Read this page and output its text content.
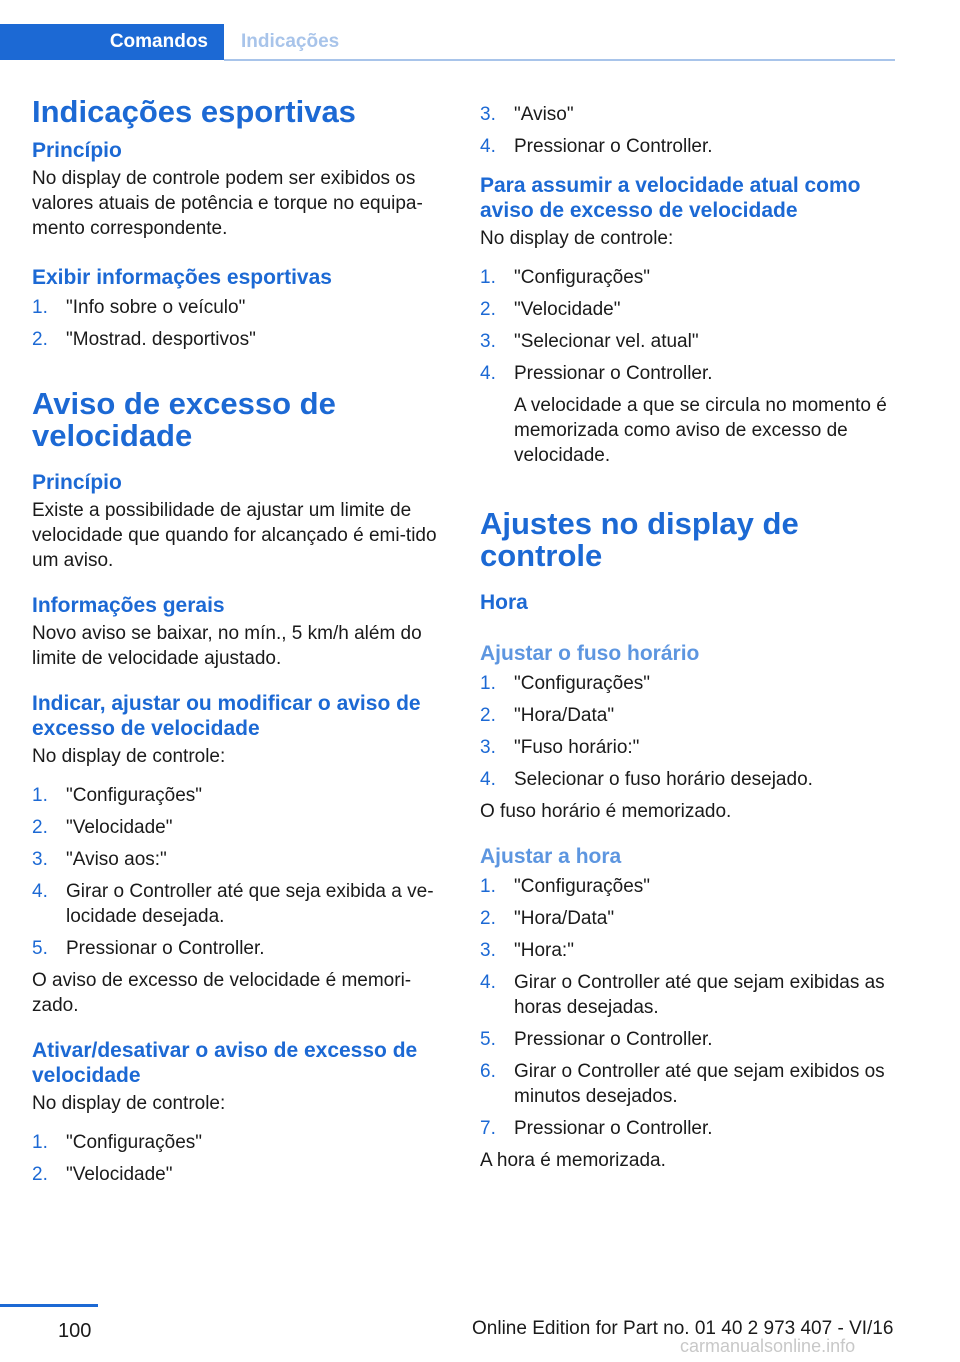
Comandos	Indicações
Indicações esportivas
Princípio

No display de controle podem ser exibidos os valores atuais de potência e torque no equipa-mento correspondente.

Exibir informações esportivas
1. "Info sobre o veículo"
2. "Mostrad. desportivos"
Aviso de excesso de velocidade
Princípio

Existe a possibilidade de ajustar um limite de velocidade que quando for alcançado é emi-tido um aviso.

Informações gerais

Novo aviso se baixar, no mín., 5 km/h além do limite de velocidade ajustado.

Indicar, ajustar ou modificar o aviso de excesso de velocidade

No display de controle:

1. "Configurações"
2. "Velocidade"
3. "Aviso aos:"
4. Girar o Controller até que seja exibida a ve-locidade desejada.
5. Pressionar o Controller.

O aviso de excesso de velocidade é memori-zado.

Ativar/desativar o aviso de excesso de velocidade

No display de controle:

1. "Configurações"
2. "Velocidade"
3. "Aviso"
4. Pressionar o Controller.
Para assumir a velocidade atual como aviso de excesso de velocidade

No display de controle:

1. "Configurações"
2. "Velocidade"
3. "Selecionar vel. atual"
4. Pressionar o Controller.
A velocidade a que se circula no momento é memorizada como aviso de excesso de velocidade.
Ajustes no display de controle
Hora
Ajustar o fuso horário
1. "Configurações"
2. "Hora/Data"
3. "Fuso horário:"
4. Selecionar o fuso horário desejado.

O fuso horário é memorizado.

Ajustar a hora
1. "Configurações"
2. "Hora/Data"
3. "Hora:"
4. Girar o Controller até que sejam exibidas as horas desejadas.
5. Pressionar o Controller.
6. Girar o Controller até que sejam exibidos os minutos desejados.
7. Pressionar o Controller.

A hora é memorizada.

100	Online Edition for Part no. 01 40 2 973 407 - VI/16
carmanualsonline.info
